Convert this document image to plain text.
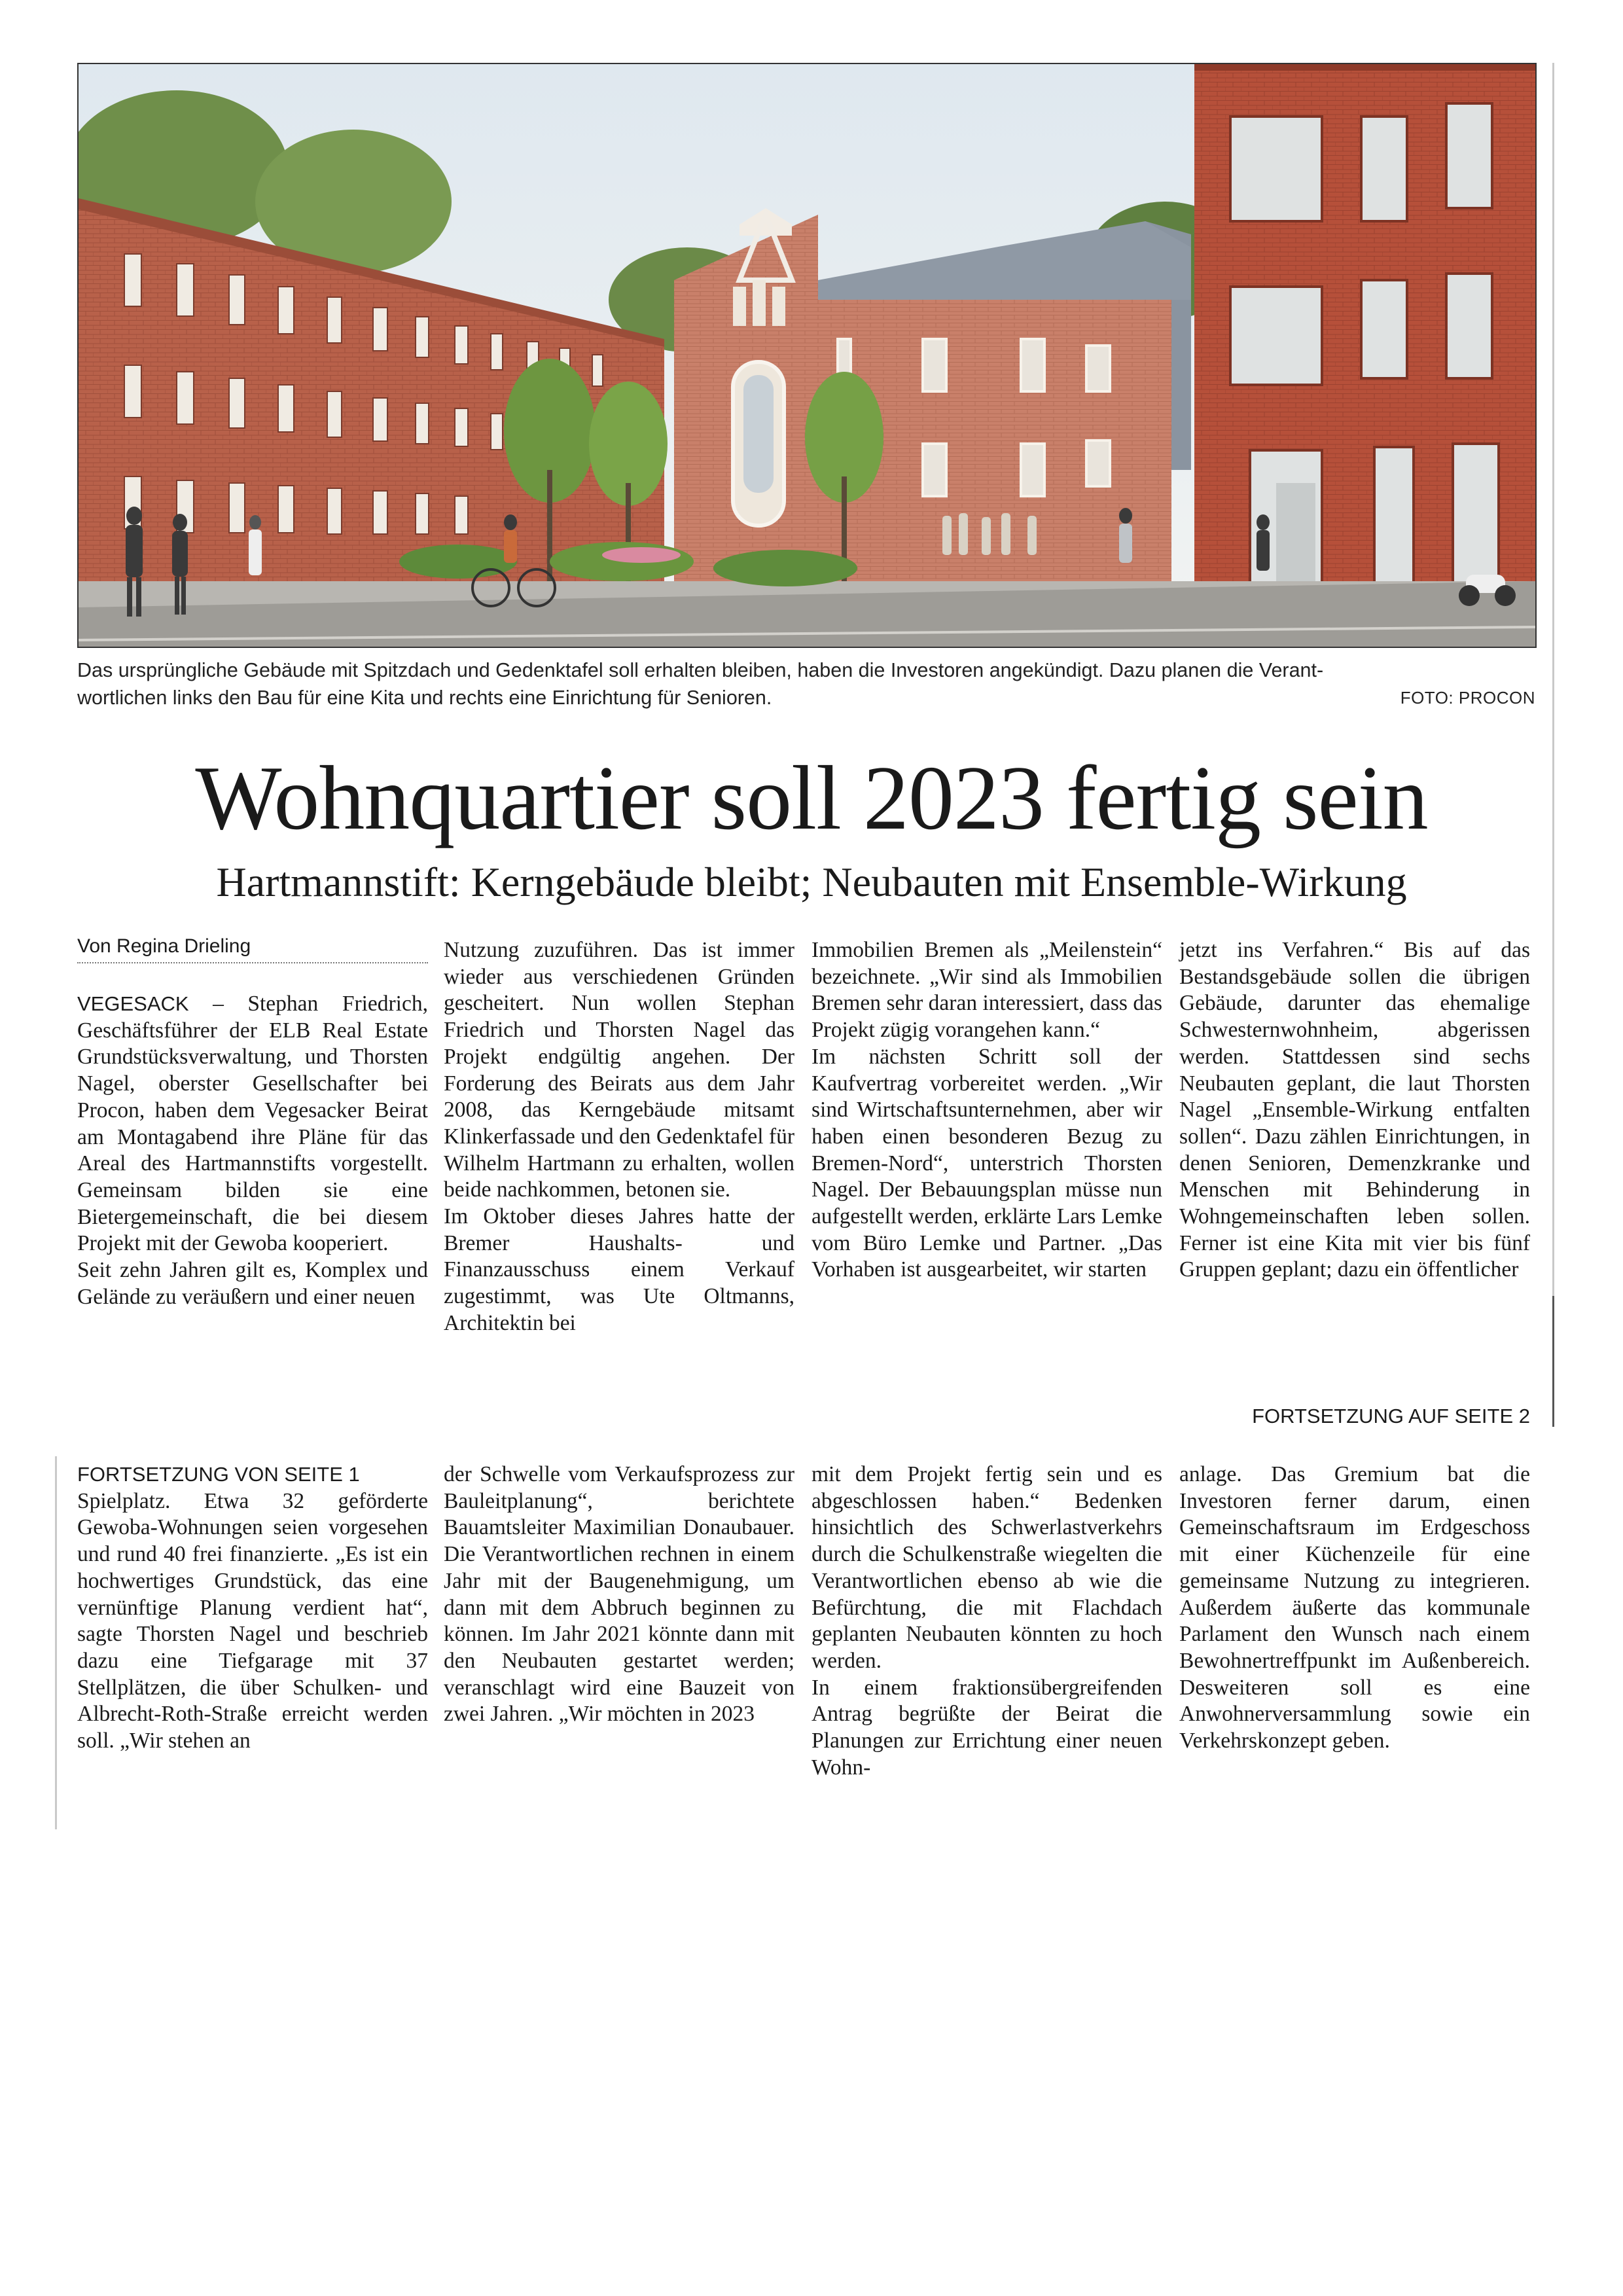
Das ursprüngliche Gebäude mit Spitzdach und Gedenktafel soll erhalten bleiben, haben die Investoren angekündigt. Dazu planen die Verant-
wortlichen links den Bau für eine Kita und rechts eine Einrichtung für Senioren.	FOTO: PROCON
Wohnquartier soll 2023 fertig sein
Hartmannstift: Kerngebäude bleibt; Neubauten mit Ensemble-Wirkung
Von Regina Drieling

VEGESACK – Stephan Friedrich, Geschäftsführer der ELB Real Estate Grundstücksverwaltung, und Thorsten Nagel, oberster Gesellschafter bei Procon, haben dem Vegesacker Beirat am Montagabend ihre Pläne für das Areal des Hartmannstifts vorgestellt. Gemeinsam bilden sie eine Bietergemeinschaft, die bei diesem Projekt mit der Gewoba kooperiert.

Seit zehn Jahren gilt es, Komplex und Gelände zu veräußern und einer neuen

Nutzung zuzuführen. Das ist immer wieder aus verschiedenen Gründen gescheitert. Nun wollen Stephan Friedrich und Thorsten Nagel das Projekt endgültig angehen. Der Forderung des Beirats aus dem Jahr 2008, das Kerngebäude mitsamt Klinkerfassade und den Gedenktafel für Wilhelm Hartmann zu erhalten, wollen beide nachkommen, betonen sie.

Im Oktober dieses Jahres hatte der Bremer Haushalts- und Finanzausschuss einem Verkauf zugestimmt, was Ute Oltmanns, Architektin bei

Immobilien Bremen als „Meilenstein“ bezeichnete. „Wir sind als Immobilien Bremen sehr daran interessiert, dass das Projekt zügig vorangehen kann.“

Im nächsten Schritt soll der Kaufvertrag vorbereitet werden. „Wir sind Wirtschaftsunternehmen, aber wir haben einen besonderen Bezug zu Bremen-Nord“, unterstrich Thorsten Nagel. Der Bebauungsplan müsse nun aufgestellt werden, erklärte Lars Lemke vom Büro Lemke und Partner. „Das Vorhaben ist ausgearbeitet, wir starten

jetzt ins Verfahren.“ Bis auf das Bestandsgebäude sollen die übrigen Gebäude, darunter das ehemalige Schwesternwohnheim, abgerissen werden. Stattdessen sind sechs Neubauten geplant, die laut Thorsten Nagel „Ensemble-Wirkung entfalten sollen“. Dazu zählen Einrichtungen, in denen Senioren, Demenzkranke und Menschen mit Behinderung in Wohngemeinschaften leben sollen. Ferner ist eine Kita mit vier bis fünf Gruppen geplant; dazu ein öffentlicher

FORTSETZUNG AUF SEITE 2

FORTSETZUNG VON SEITE 1

Spielplatz. Etwa 32 geförderte Gewoba-Wohnungen seien vorgesehen und rund 40 frei finanzierte. „Es ist ein hochwertiges Grundstück, das eine vernünftige Planung verdient hat“, sagte Thorsten Nagel und beschrieb dazu eine Tiefgarage mit 37 Stellplätzen, die über Schulken- und Albrecht-Roth-Straße erreicht werden soll. „Wir stehen an

der Schwelle vom Verkaufsprozess zur Bauleitplanung“, berichtete Bauamtsleiter Maximilian Donaubauer. Die Verantwortlichen rechnen in einem Jahr mit der Baugenehmigung, um dann mit dem Abbruch beginnen zu können. Im Jahr 2021 könnte dann mit den Neubauten gestartet werden; veranschlagt wird eine Bauzeit von zwei Jahren. „Wir möchten in 2023

mit dem Projekt fertig sein und es abgeschlossen haben.“ Bedenken hinsichtlich des Schwerlastverkehrs durch die Schulkenstraße wiegelten die Verantwortlichen ebenso ab wie die Befürchtung, die mit Flachdach geplanten Neubauten könnten zu hoch werden.

In einem fraktionsübergreifenden Antrag begrüßte der Beirat die Planungen zur Errichtung einer neuen Wohn-

anlage. Das Gremium bat die Investoren ferner darum, einen Gemeinschaftsraum im Erdgeschoss mit einer Küchenzeile für eine gemeinsame Nutzung zu integrieren. Außerdem äußerte das kommunale Parlament den Wunsch nach einem Bewohnertreffpunkt im Außenbereich. Desweiteren soll es eine Anwohnerversammlung sowie ein Verkehrskonzept geben.
